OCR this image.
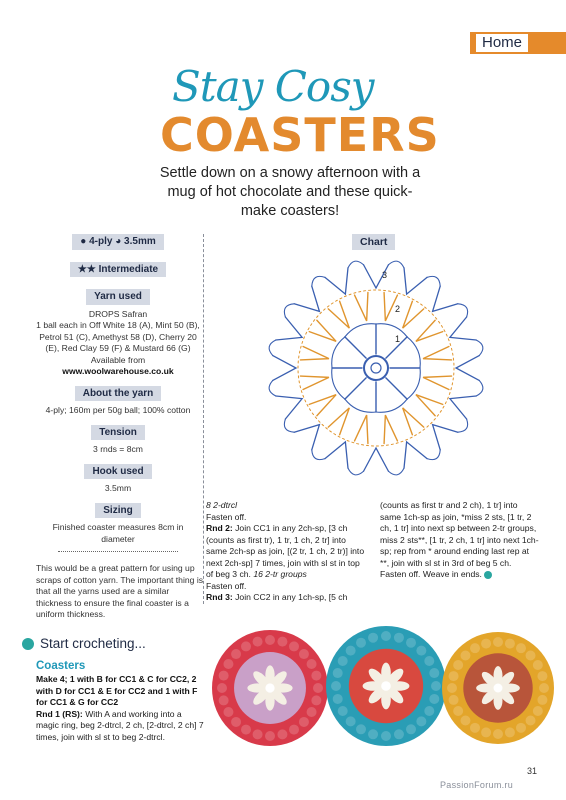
Home
Stay Cosy
COASTERS
Settle down on a snowy afternoon with a mug of hot chocolate and these quick-make coasters!
● 4-ply ◕ 3.5mm
★★ Intermediate
Yarn used
DROPS Safran
1 ball each in Off White 18 (A), Mint 50 (B), Petrol 51 (C), Amethyst 58 (D), Cherry 20 (E), Red Clay 59 (F) & Mustard 66 (G)
Available from
www.woolwarehouse.co.uk
About the yarn
4-ply; 160m per 50g ball; 100% cotton
Tension
3 rnds = 8cm
Hook used
3.5mm
Sizing
Finished coaster measures 8cm in diameter
This would be a great pattern for using up scraps of cotton yarn. The important thing is that all the yarns used are a similar thickness to ensure the final coaster is a uniform thickness.
Start crocheting...
Coasters
Make 4; 1 with B for CC1 & C for CC2, 2 with D for CC1 & E for CC2 and 1 with F for CC1 & G for CC2
Rnd 1 (RS): With A and working into a magic ring, beg 2-dtrcl, 2 ch, [2-dtrcl, 2 ch] 7 times, join with sl st to beg 2-dtrcl.
Chart
1
2
3
8 2-dtrcl
Fasten off.
Rnd 2: Join CC1 in any 2ch-sp, [3 ch (counts as first tr), 1 tr, 1 ch, 2 tr] into same 2ch-sp as join, [(2 tr, 1 ch, 2 tr)] into next 2ch-sp] 7 times, join with sl st in top of beg 3 ch. 16 2-tr groups
Fasten off.
Rnd 3: Join CC2 in any 1ch-sp, [5 ch
(counts as first tr and 2 ch), 1 tr] into same 1ch-sp as join, *miss 2 sts, [1 tr, 2 ch, 1 tr] into next sp between 2-tr groups, miss 2 sts**, [1 tr, 2 ch, 1 tr] into next 1ch-sp; rep from * around ending last rep at **, join with sl st in 3rd of beg 5 ch.
Fasten off. Weave in ends.
31
PassionForum.ru
